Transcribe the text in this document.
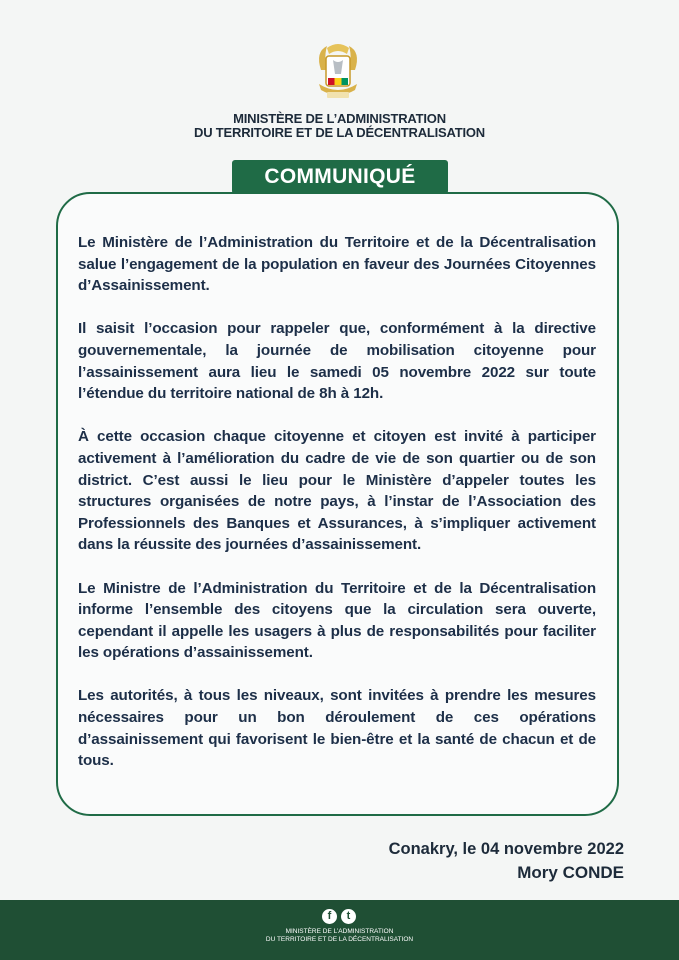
MINISTÈRE DE L’ADMINISTRATION
DU TERRITOIRE ET DE LA DÉCENTRALISATION
COMMUNIQUÉ

Le Ministère de l’Administration du Territoire et de la Décentralisation salue l’engagement de la population en faveur des Journées Citoyennes d’Assainissement.

Il saisit l’occasion pour rappeler que, conformément à la directive gouvernementale, la journée de mobilisation citoyenne pour l’assainissement aura lieu le samedi 05 novembre 2022 sur toute l’étendue du territoire national de 8h à 12h.

À cette occasion chaque citoyenne et citoyen est invité à participer activement à l’amélioration du cadre de vie de son quartier ou de son district. C’est aussi le lieu pour le Ministère d’appeler toutes les structures organisées de notre pays, à l’instar de l’Association des Professionnels des Banques et Assurances, à s’impliquer activement dans la réussite des journées d’assainissement.

Le Ministre de l’Administration du Territoire et de la Décentralisation informe l’ensemble des citoyens que la circulation sera ouverte, cependant il appelle les usagers à plus de responsabilités pour faciliter les opérations d’assainissement.

Les autorités, à tous les niveaux, sont invitées à prendre les mesures nécessaires pour un bon déroulement de ces opérations d’assainissement qui favorisent le bien-être et la santé de chacun et de tous.

Conakry, le 04 novembre 2022
Mory CONDE
f	t
MINISTÈRE DE L’ADMINISTRATION
DU TERRITOIRE ET DE LA DÉCENTRALISATION
